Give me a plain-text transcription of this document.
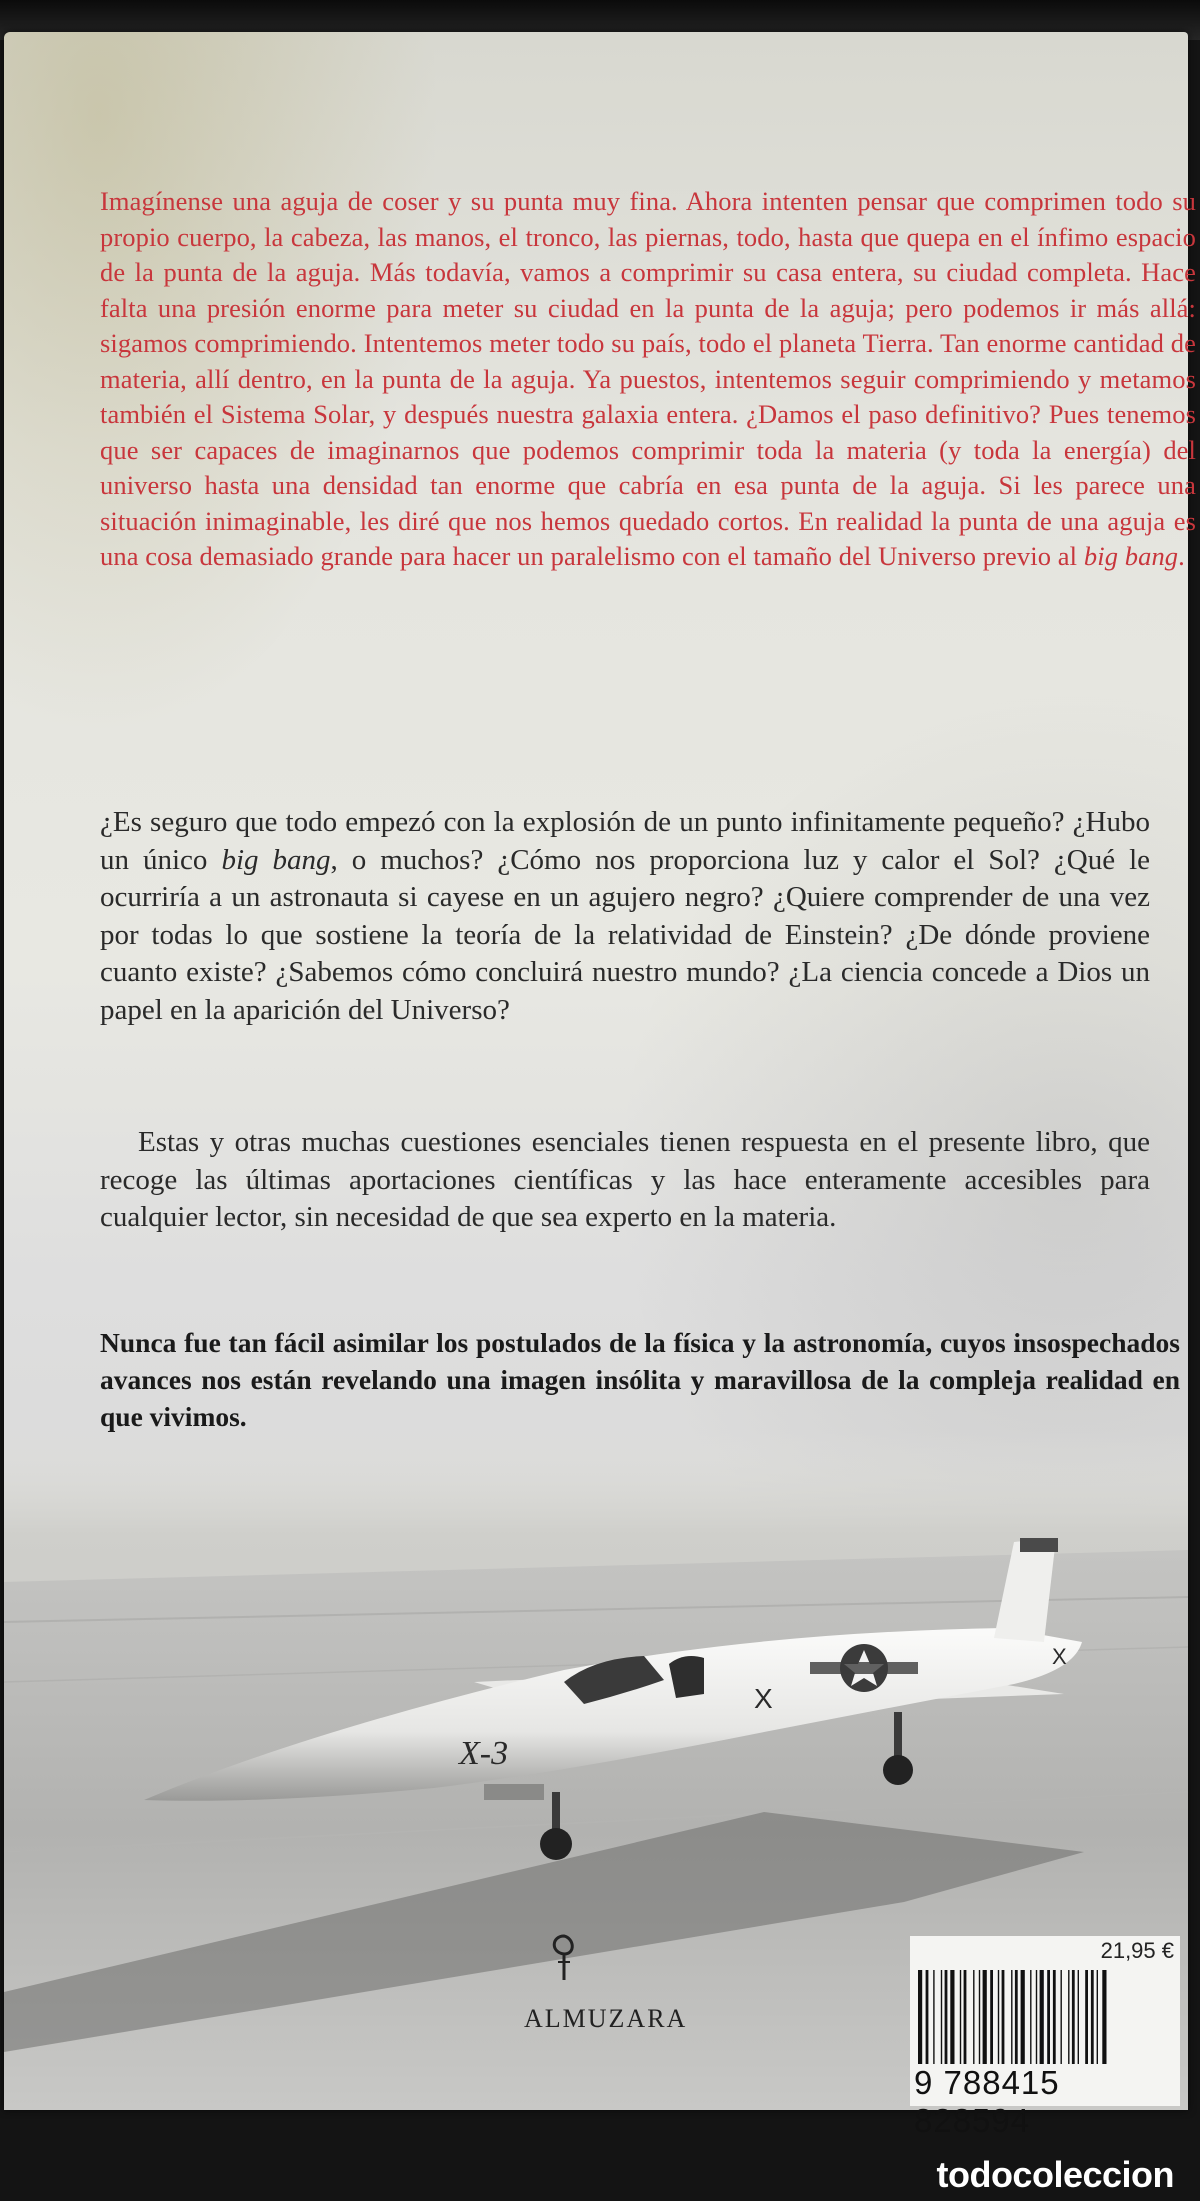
Imagínense una aguja de coser y su punta muy fina. Ahora intenten pensar que comprimen todo su propio cuerpo, la cabeza, las manos, el tronco, las piernas, todo, hasta que quepa en el ínfimo espacio de la punta de la aguja. Más todavía, vamos a comprimir su casa entera, su ciudad completa. Hace falta una presión enorme para meter su ciudad en la punta de la aguja; pero podemos ir más allá: sigamos comprimiendo. Intentemos meter todo su país, todo el planeta Tierra. Tan enorme cantidad de materia, allí dentro, en la punta de la aguja. Ya puestos, intentemos seguir comprimiendo y metamos también el Sistema Solar, y después nuestra galaxia entera. ¿Damos el paso definitivo? Pues tenemos que ser capaces de imaginarnos que podemos comprimir toda la materia (y toda la energía) del universo hasta una densidad tan enorme que cabría en esa punta de la aguja. Si les parece una situación inimaginable, les diré que nos hemos quedado cortos. En realidad la punta de una aguja es una cosa demasiado grande para hacer un paralelismo con el tamaño del Universo previo al big bang.

¿Es seguro que todo empezó con la explosión de un punto infinitamente pequeño? ¿Hubo un único big bang, o muchos? ¿Cómo nos proporciona luz y calor el Sol? ¿Qué le ocurriría a un astronauta si cayese en un agujero negro? ¿Quiere comprender de una vez por todas lo que sostiene la teoría de la relatividad de Einstein? ¿De dónde proviene cuanto existe? ¿Sabemos cómo concluirá nuestro mundo? ¿La ciencia concede a Dios un papel en la aparición del Universo?

Estas y otras muchas cuestiones esenciales tienen respuesta en el presente libro, que recoge las últimas aportaciones científicas y las hace enteramente accesibles para cualquier lector, sin necesidad de que sea experto en la materia.

Nunca fue tan fácil asimilar los postulados de la física y la astronomía, cuyos insospechados avances nos están revelando una imagen insólita y maravillosa de la compleja realidad en que vivimos.

X
X
X-3
ALMUZARA
21,95 €
9 788415 828594
todocoleccion
